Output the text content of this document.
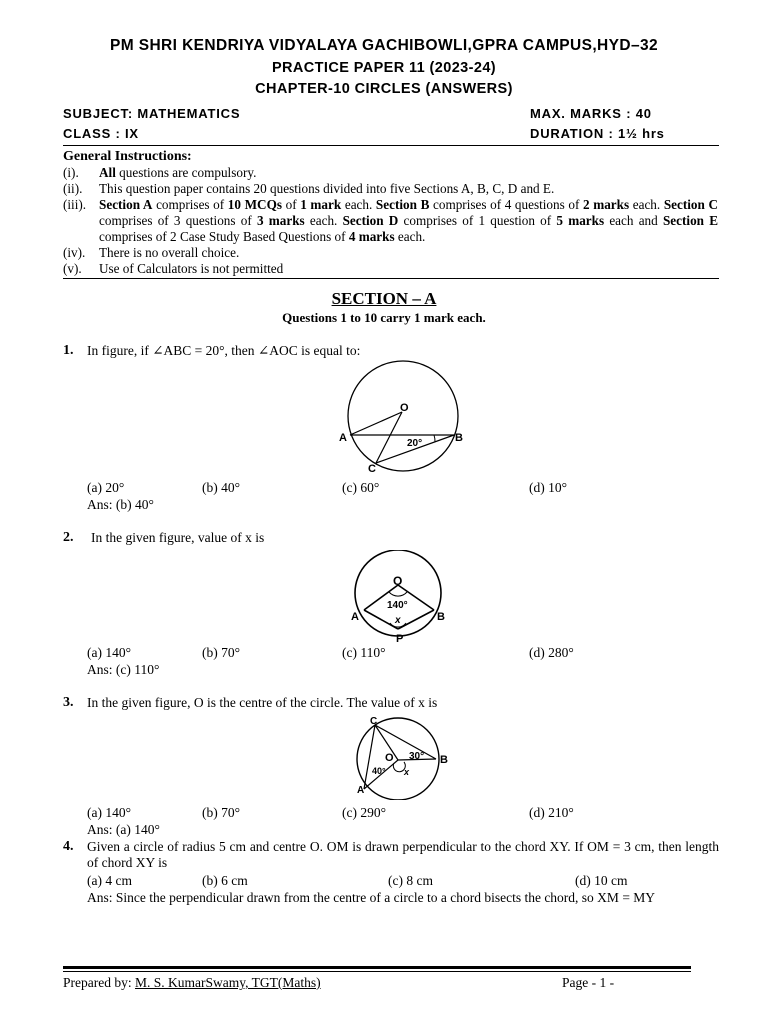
PM SHRI KENDRIYA VIDYALAYA GACHIBOWLI,GPRA CAMPUS,HYD–32
PRACTICE PAPER 11 (2023-24)
CHAPTER-10 CIRCLES (ANSWERS)
SUBJECT: MATHEMATICS	MAX. MARKS : 40
CLASS : IX	DURATION : 1½ hrs
General Instructions:
(i).	All questions are compulsory.
(ii).	This question paper contains 20 questions divided into five Sections A, B, C, D and E.
(iii). Section A comprises of 10 MCQs of 1 mark each. Section B comprises of 4 questions of 2 marks each. Section C comprises of 3 questions of 3 marks each. Section D comprises of 1 question of 5 marks each and Section E comprises of 2 Case Study Based Questions of 4 marks each.
(iv).	There is no overall choice.
(v).	Use of Calculators is not permitted
SECTION – A
Questions 1 to 10 carry 1 mark each.
1. In figure, if ∠ABC = 20°, then ∠AOC is equal to:
O
A	B
C
20°
(a) 20°	(b) 40°	(c) 60°	(d) 10°
Ans: (b) 40°
2. In the given figure, value of x is
O
140°
x
A	B
P
(a) 140°	(b) 70°	(c) 110°	(d) 280°
Ans: (c) 110°
3. In the given figure, O is the centre of the circle. The value of x is
C
O 30° B
40° x
A
(a) 140°	(b) 70°	(c) 290°	(d) 210°
Ans: (a) 140°
4. Given a circle of radius 5 cm and centre O. OM is drawn perpendicular to the chord XY. If OM = 3 cm, then length of chord XY is
(a) 4 cm	(b) 6 cm	(c) 8 cm	(d) 10 cm
Ans: Since the perpendicular drawn from the centre of a circle to a chord bisects the chord, so XM = MY
Prepared by: M. S. KumarSwamy, TGT(Maths)	Page - 1 -
